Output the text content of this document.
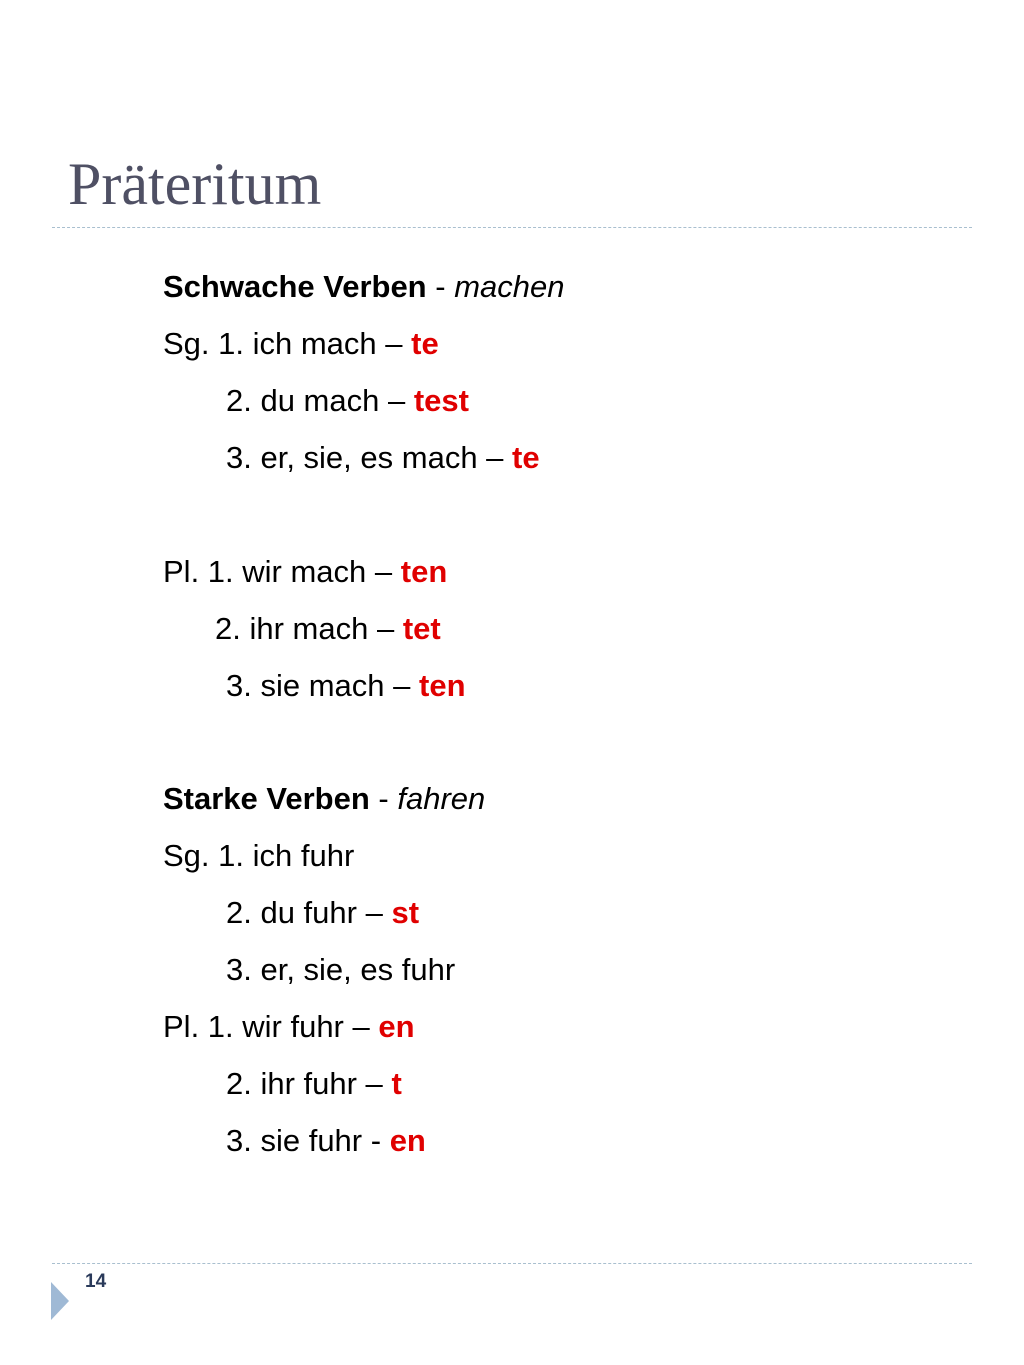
Präteritum
Schwache Verben - machen
Sg. 1. ich mach – te
2. du mach – test
3. er, sie, es mach – te
Pl. 1. wir mach – ten
2. ihr mach – tet
3. sie mach – ten
Starke Verben - fahren
Sg. 1. ich fuhr
2. du fuhr – st
3. er, sie, es fuhr
Pl. 1. wir fuhr – en
2. ihr fuhr – t
3. sie fuhr - en
14
